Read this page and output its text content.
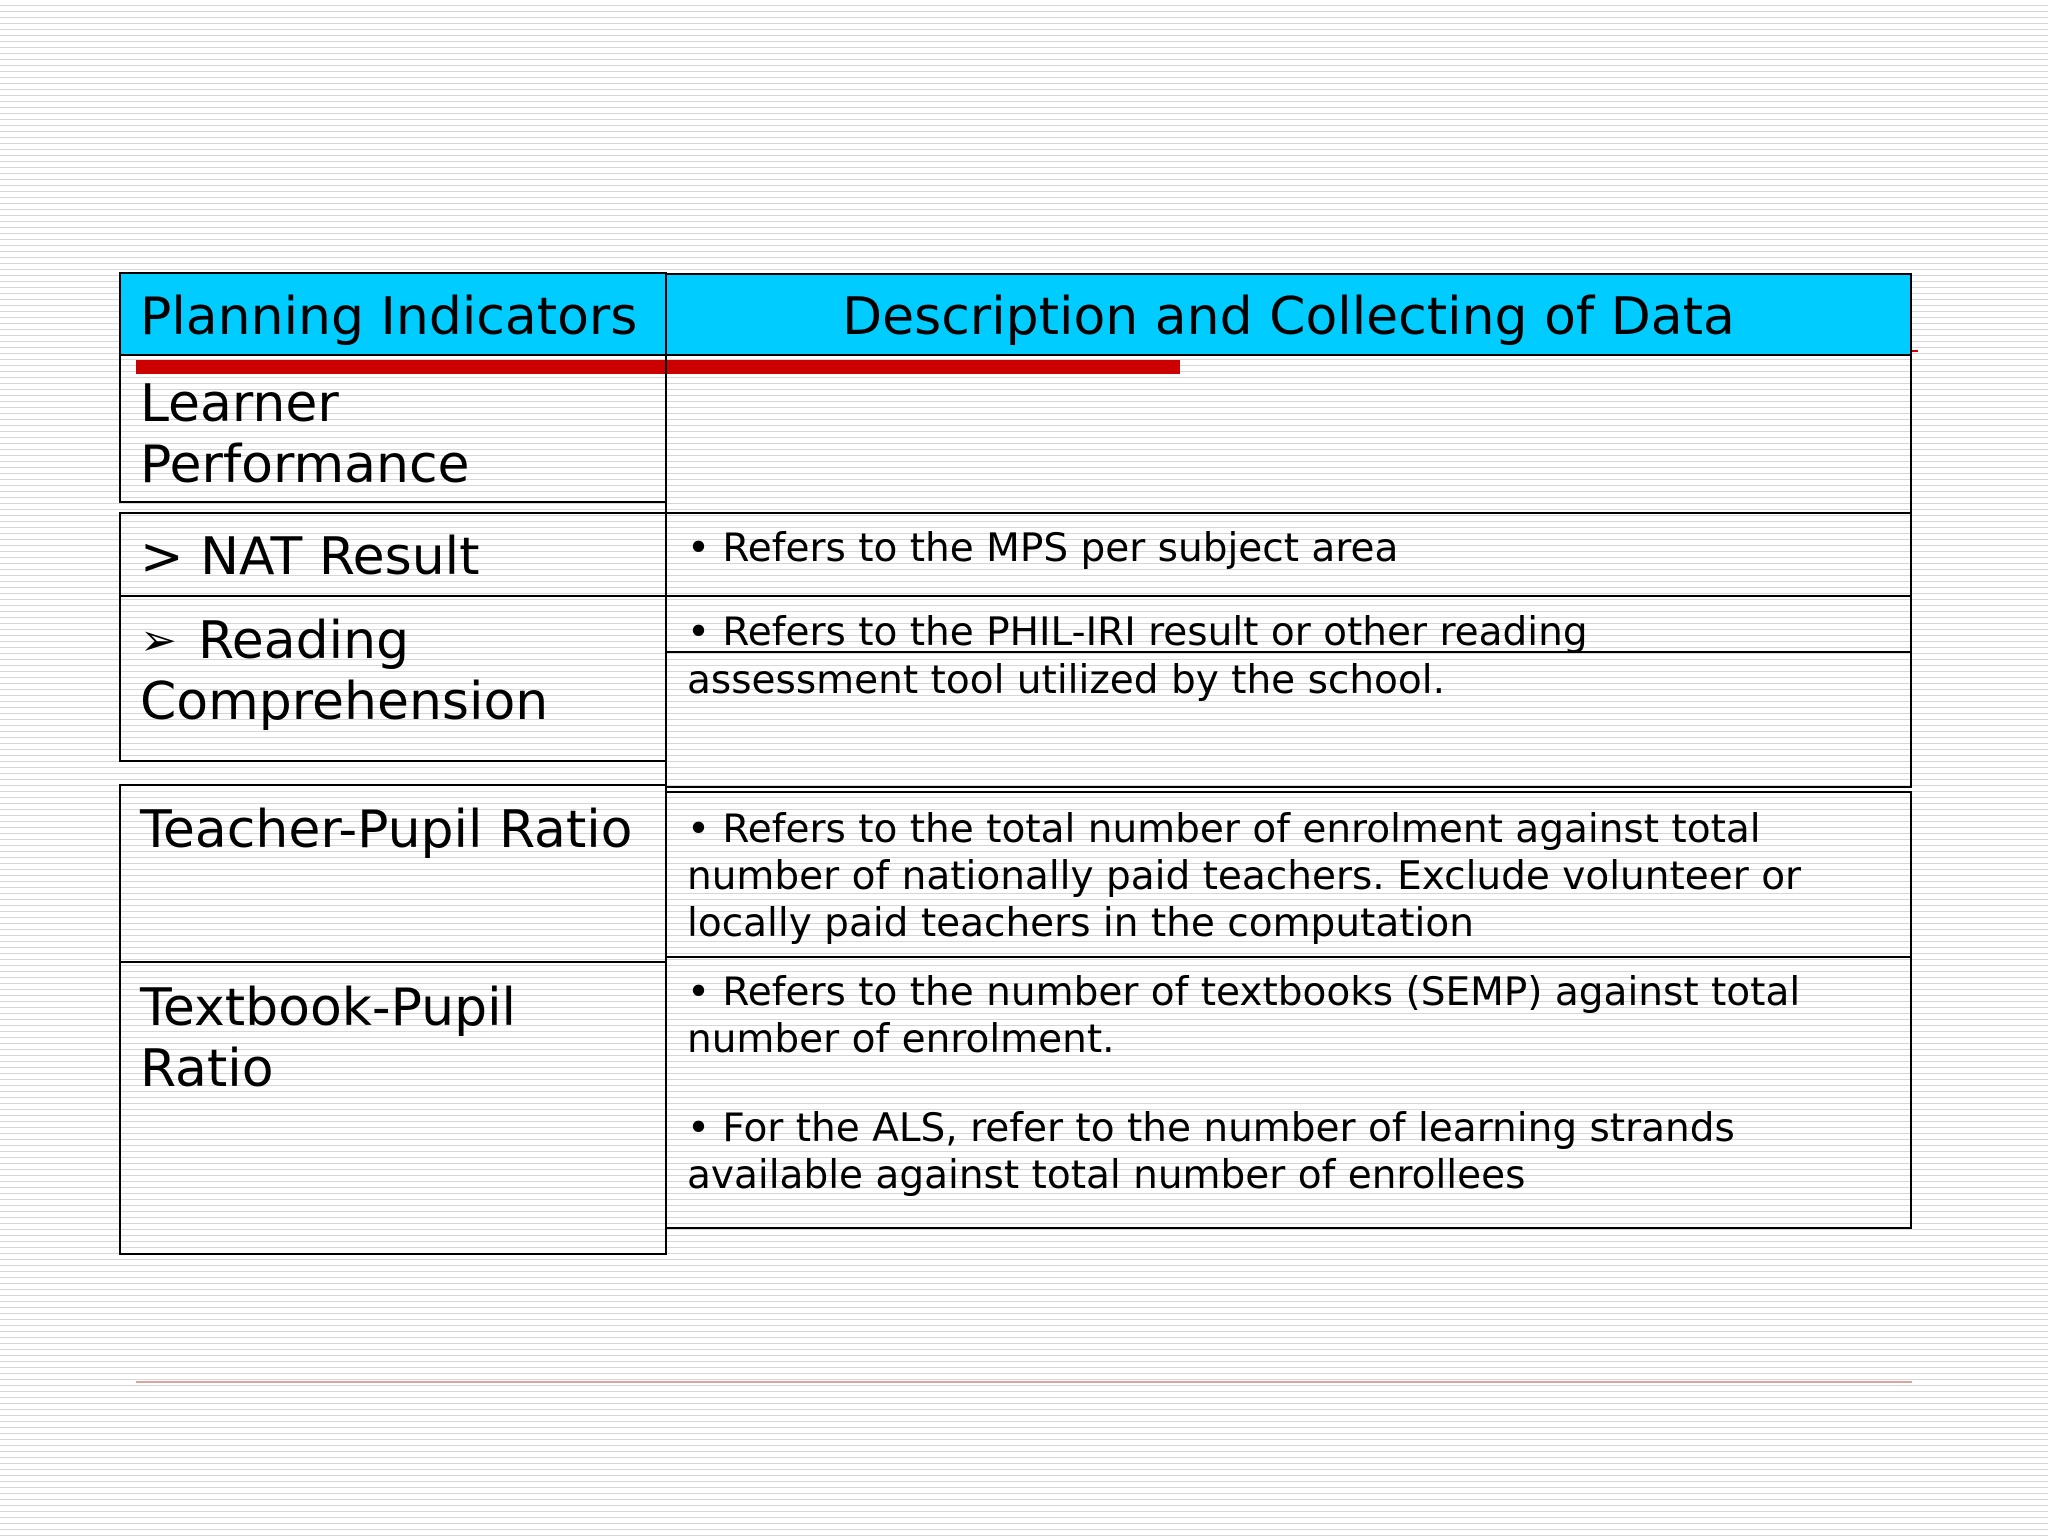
Planning Indicators	Description and Collecting of Data
Learner
Performance
> NAT Result
➢ Reading
Comprehension
Teacher-Pupil Ratio
Textbook-Pupil
Ratio
• Refers to the MPS per subject area
• Refers to the PHIL-IRI result or other reading
assessment tool utilized by the school.
• Refers to the total number of enrolment against total
number of nationally paid teachers. Exclude volunteer or
locally paid teachers in the computation
• Refers to the number of textbooks (SEMP) against total
number of enrolment.
• For the ALS, refer to the number of learning strands
available against total number of enrollees
